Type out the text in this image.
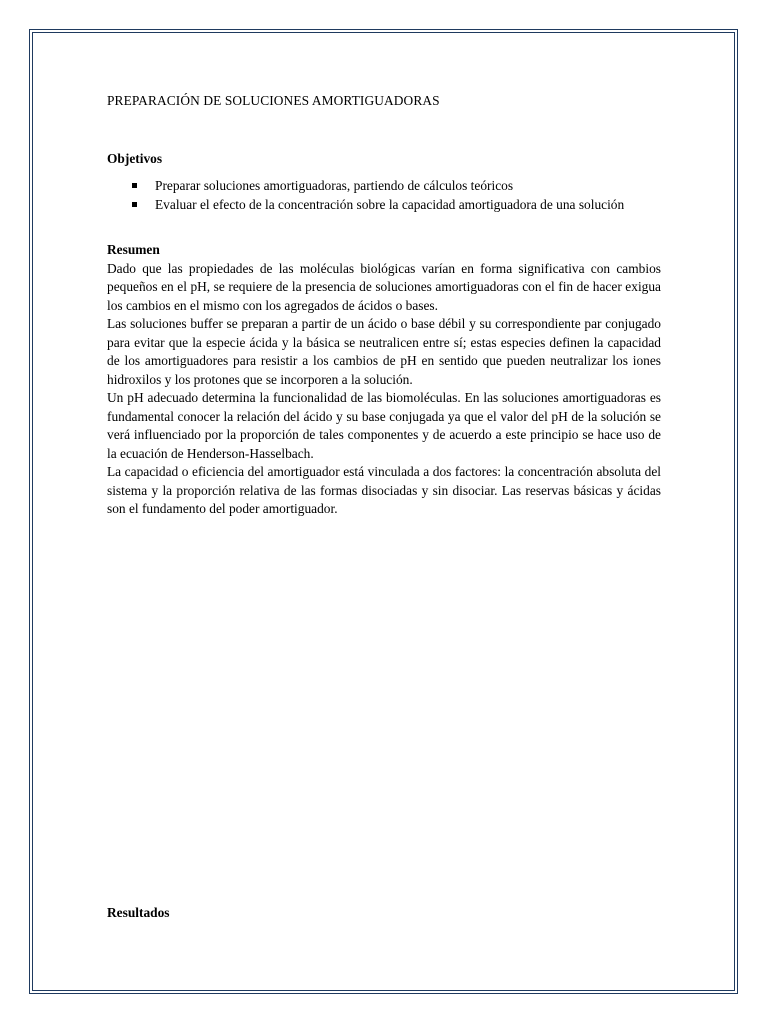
PREPARACIÓN DE SOLUCIONES AMORTIGUADORAS
Objetivos
Preparar soluciones amortiguadoras, partiendo de cálculos teóricos
Evaluar el efecto de la concentración sobre la capacidad amortiguadora de una solución
Resumen

Dado que las propiedades de las moléculas biológicas varían en forma significativa con cambios pequeños en el pH, se requiere de la presencia de soluciones amortiguadoras con el fin de hacer exigua los cambios en el mismo con los agregados de ácidos o bases.

Las soluciones buffer se preparan a partir de un ácido o base débil y su correspondiente par conjugado para evitar que la especie ácida y la básica se neutralicen entre sí; estas especies definen la capacidad de los amortiguadores para resistir a los cambios de pH en sentido que pueden neutralizar los iones hidroxilos y los protones que se incorporen a la solución.

Un pH adecuado determina la funcionalidad de las biomoléculas. En las soluciones amortiguadoras es fundamental conocer la relación del ácido y su base conjugada ya que el valor del pH de la solución se verá influenciado por la proporción de tales componentes y de acuerdo a este principio se hace uso de la ecuación de Henderson-Hasselbach.

La capacidad o eficiencia del amortiguador está vinculada a dos factores: la concentración absoluta del sistema y la proporción relativa de las formas disociadas y sin disociar. Las reservas básicas y ácidas son el fundamento del poder amortiguador.

Resultados
